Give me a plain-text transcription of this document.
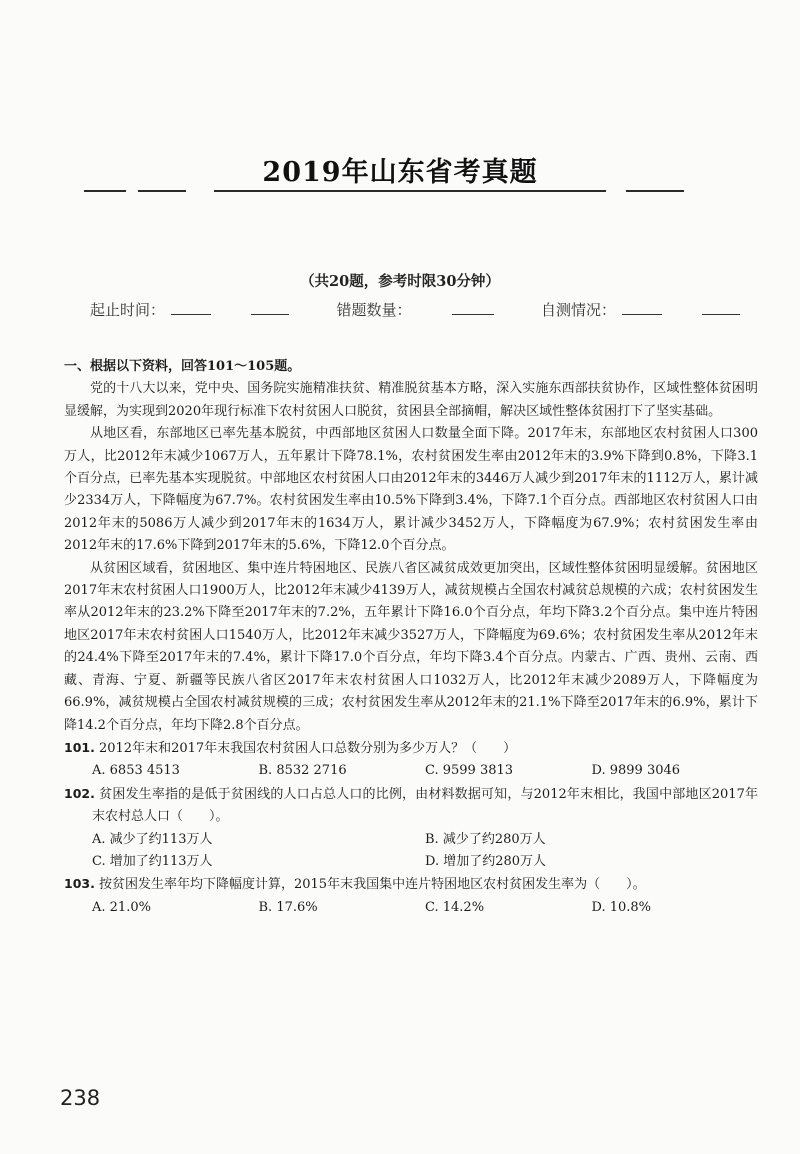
2019年山东省考真题
（共20题，参考时限30分钟）
起止时间：	错题数量：	自测情况：

一、根据以下资料，回答101～105题。

党的十八大以来，党中央、国务院实施精准扶贫、精准脱贫基本方略，深入实施东西部扶贫协作，区域性整体贫困明显缓解，为实现到2020年现行标准下农村贫困人口脱贫，贫困县全部摘帽，解决区域性整体贫困打下了坚实基础。

从地区看，东部地区已率先基本脱贫，中西部地区贫困人口数量全面下降。2017年末，东部地区农村贫困人口300万人，比2012年末减少1067万人，五年累计下降78.1%，农村贫困发生率由2012年末的3.9%下降到0.8%，下降3.1个百分点，已率先基本实现脱贫。中部地区农村贫困人口由2012年末的3446万人减少到2017年末的1112万人，累计减少2334万人，下降幅度为67.7%。农村贫困发生率由10.5%下降到3.4%，下降7.1个百分点。西部地区农村贫困人口由2012年末的5086万人减少到2017年末的1634万人，累计减少3452万人，下降幅度为67.9%；农村贫困发生率由2012年末的17.6%下降到2017年末的5.6%，下降12.0个百分点。

从贫困区域看，贫困地区、集中连片特困地区、民族八省区减贫成效更加突出，区域性整体贫困明显缓解。贫困地区2017年末农村贫困人口1900万人，比2012年末减少4139万人，减贫规模占全国农村减贫总规模的六成；农村贫困发生率从2012年末的23.2%下降至2017年末的7.2%，五年累计下降16.0个百分点，年均下降3.2个百分点。集中连片特困地区2017年末农村贫困人口1540万人，比2012年末减少3527万人，下降幅度为69.6%；农村贫困发生率从2012年末的24.4%下降至2017年末的7.4%，累计下降17.0个百分点，年均下降3.4个百分点。内蒙古、广西、贵州、云南、西藏、青海、宁夏、新疆等民族八省区2017年末农村贫困人口1032万人，比2012年末减少2089万人，下降幅度为66.9%，减贫规模占全国农村减贫规模的三成；农村贫困发生率从2012年末的21.1%下降至2017年末的6.9%，累计下降14.2个百分点，年均下降2.8个百分点。

101. 2012年末和2017年末我国农村贫困人口总数分别为多少万人？（　　）

A. 6853 4513	B. 8532 2716	C. 9599 3813	D. 9899 3046

102. 贫困发生率指的是低于贫困线的人口占总人口的比例，由材料数据可知，与2012年末相比，我国中部地区2017年末农村总人口（　　）。

A. 减少了约113万人	B. 减少了约280万人
C. 增加了约113万人	D. 增加了约280万人

103. 按贫困发生率年均下降幅度计算，2015年末我国集中连片特困地区农村贫困发生率为（　　）。

A. 21.0%	B. 17.6%	C. 14.2%	D. 10.8%
238
